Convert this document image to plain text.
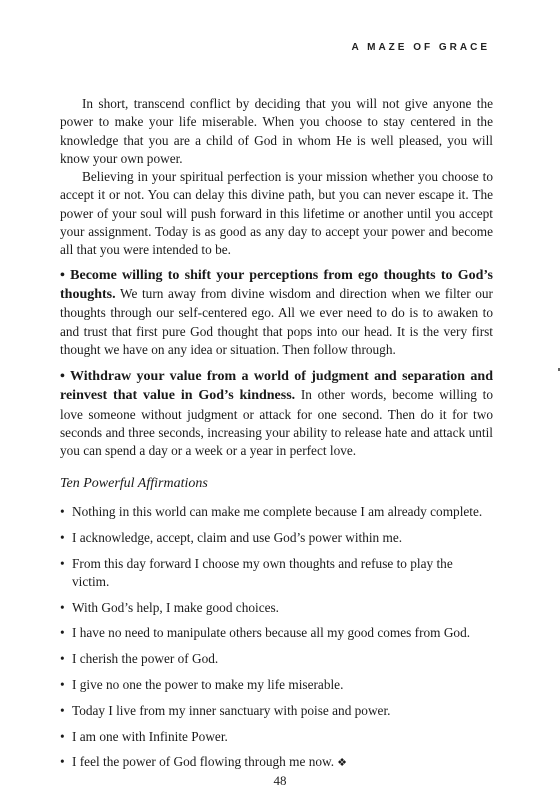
A MAZE OF GRACE

In short, transcend conflict by deciding that you will not give anyone the power to make your life miserable. When you choose to stay centered in the knowledge that you are a child of God in whom He is well pleased, you will know your own power.

Believing in your spiritual perfection is your mission whether you choose to accept it or not. You can delay this divine path, but you can never escape it. The power of your soul will push forward in this lifetime or another until you accept your assignment. Today is as good as any day to accept your power and become all that you were intended to be.

• Become willing to shift your perceptions from ego thoughts to God’s thoughts. We turn away from divine wisdom and direction when we filter our thoughts through our self-centered ego. All we ever need to do is to awaken to and trust that first pure God thought that pops into our head. It is the very first thought we have on any idea or situation. Then follow through.

• Withdraw your value from a world of judgment and separation and reinvest that value in God’s kindness. In other words, become willing to love someone without judgment or attack for one second. Then do it for two seconds and three seconds, increasing your ability to release hate and attack until you can spend a day or a week or a year in perfect love.

Ten Powerful Affirmations

• Nothing in this world can make me complete because I am already complete.
• I acknowledge, accept, claim and use God’s power within me.
• From this day forward I choose my own thoughts and refuse to play the victim.
• With God’s help, I make good choices.
• I have no need to manipulate others because all my good comes from God.
• I cherish the power of God.
• I give no one the power to make my life miserable.
• Today I live from my inner sanctuary with poise and power.
• I am one with Infinite Power.
• I feel the power of God flowing through me now. ❖
48
